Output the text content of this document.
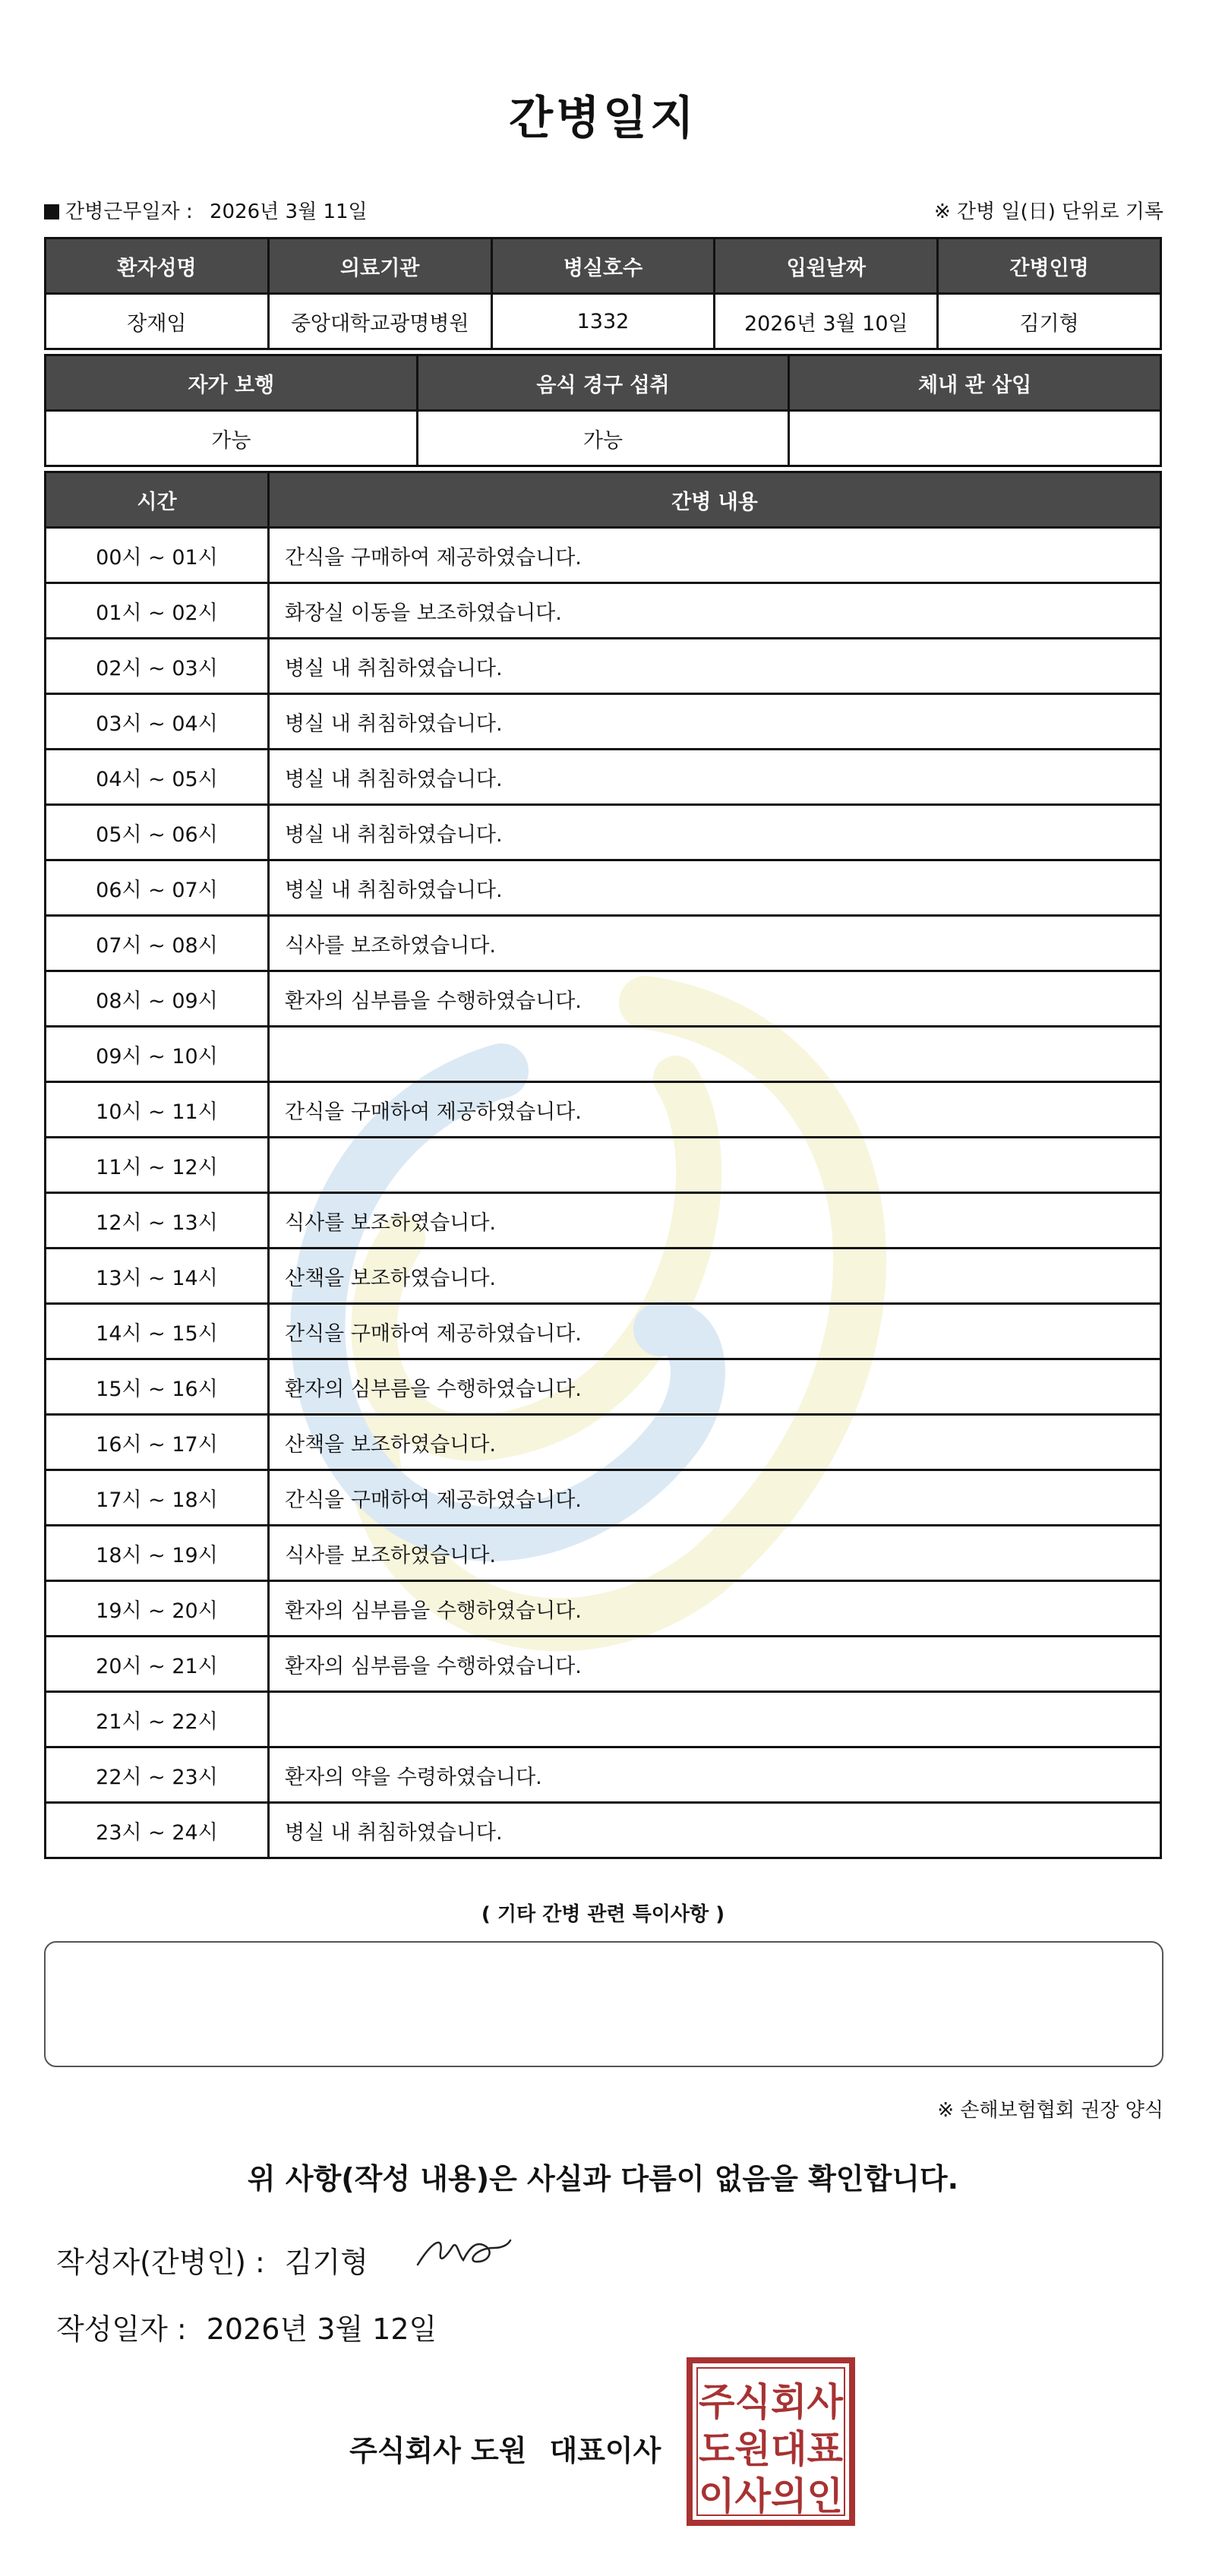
간병일지
간병근무일자 : 2026년 3월 11일	※ 간병 일(日) 단위로 기록
환자성명	의료기관	병실호수	입원날짜	간병인명
장재임	중앙대학교광명병원	1332	2026년 3월 10일	김기형
자가 보행	음식 경구 섭취	체내 관 삽입
가능	가능	
시간	간병 내용
00시 ~ 01시	간식을 구매하여 제공하였습니다.
01시 ~ 02시	화장실 이동을 보조하였습니다.
02시 ~ 03시	병실 내 취침하였습니다.
03시 ~ 04시	병실 내 취침하였습니다.
04시 ~ 05시	병실 내 취침하였습니다.
05시 ~ 06시	병실 내 취침하였습니다.
06시 ~ 07시	병실 내 취침하였습니다.
07시 ~ 08시	식사를 보조하였습니다.
08시 ~ 09시	환자의 심부름을 수행하였습니다.
09시 ~ 10시	
10시 ~ 11시	간식을 구매하여 제공하였습니다.
11시 ~ 12시	
12시 ~ 13시	식사를 보조하였습니다.
13시 ~ 14시	산책을 보조하였습니다.
14시 ~ 15시	간식을 구매하여 제공하였습니다.
15시 ~ 16시	환자의 심부름을 수행하였습니다.
16시 ~ 17시	산책을 보조하였습니다.
17시 ~ 18시	간식을 구매하여 제공하였습니다.
18시 ~ 19시	식사를 보조하였습니다.
19시 ~ 20시	환자의 심부름을 수행하였습니다.
20시 ~ 21시	환자의 심부름을 수행하였습니다.
21시 ~ 22시	
22시 ~ 23시	환자의 약을 수령하였습니다.
23시 ~ 24시	병실 내 취침하였습니다.
( 기타 간병 관련 특이사항 )
※ 손해보험협회 권장 양식
위 사항(작성 내용)은 사실과 다름이 없음을 확인합니다.
작성자(간병인) : 김기형
작성일자 : 2026년 3월 12일
주식회사 도원 대표이사
주식회사
도원대표
이사의인
